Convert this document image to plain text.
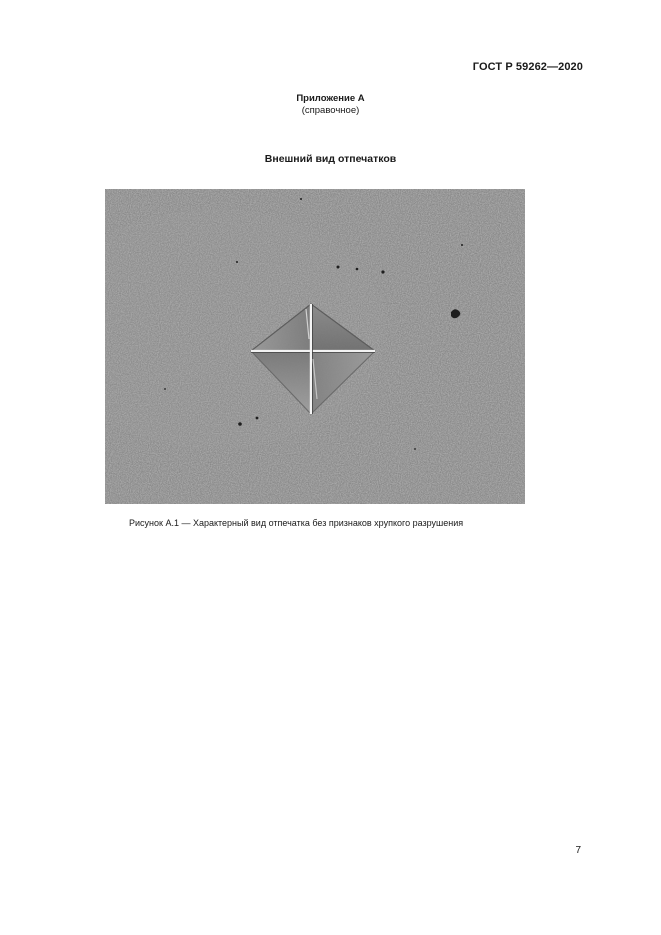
ГОСТ Р 59262—2020
Приложение А
(справочное)
Внешний вид отпечатков
Рисунок А.1 — Характерный вид отпечатка без признаков хрупкого разрушения
7
